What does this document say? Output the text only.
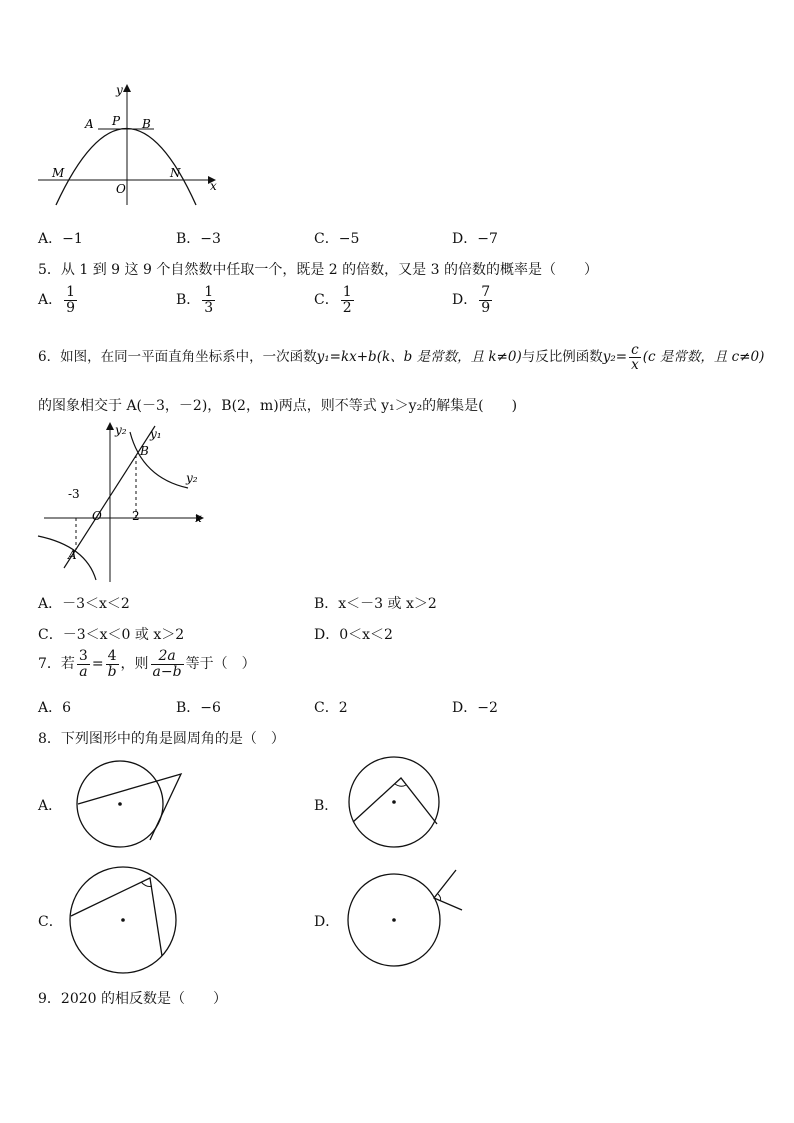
y
x
A P B
M	N
O
A．−1	B．−3	C．−5	D．−7
5．从 1 到 9 这 9 个自然数中任取一个，既是 2 的倍数，又是 3 的倍数的概率是（　　）
A． $\frac{1}{9}$	B． $\frac{1}{3}$	C． $\frac{1}{2}$	D． $\frac{7}{9}$
6．如图，在同一平面直角坐标系中，一次函数y₁=kx+b(k、b 是常数，且 k≠0)与反比例函数$y_2= \frac{c}{x} (c$ 是常数，且 c≠0)
的图象相交于 A(－3，－2)，B(2，m)两点，则不等式 y₁＞y₂的解集是(　　)
y₂ y₁
B
y₂
-3
O	2	x
A
A．－3＜x＜2	B．x＜－3 或 x＞2
C．－3＜x＜0 或 x＞2	D．0＜x＜2
7．若 $\frac{3}{a} = \frac{4}{b}$ ，则 $\frac{2a}{a-b}$ 等于（　）
A．6	B．−6	C．2	D．−2
8．下列图形中的角是圆周角的是（　）
A．	B．
C．	D．
9．2020 的相反数是（　　）
